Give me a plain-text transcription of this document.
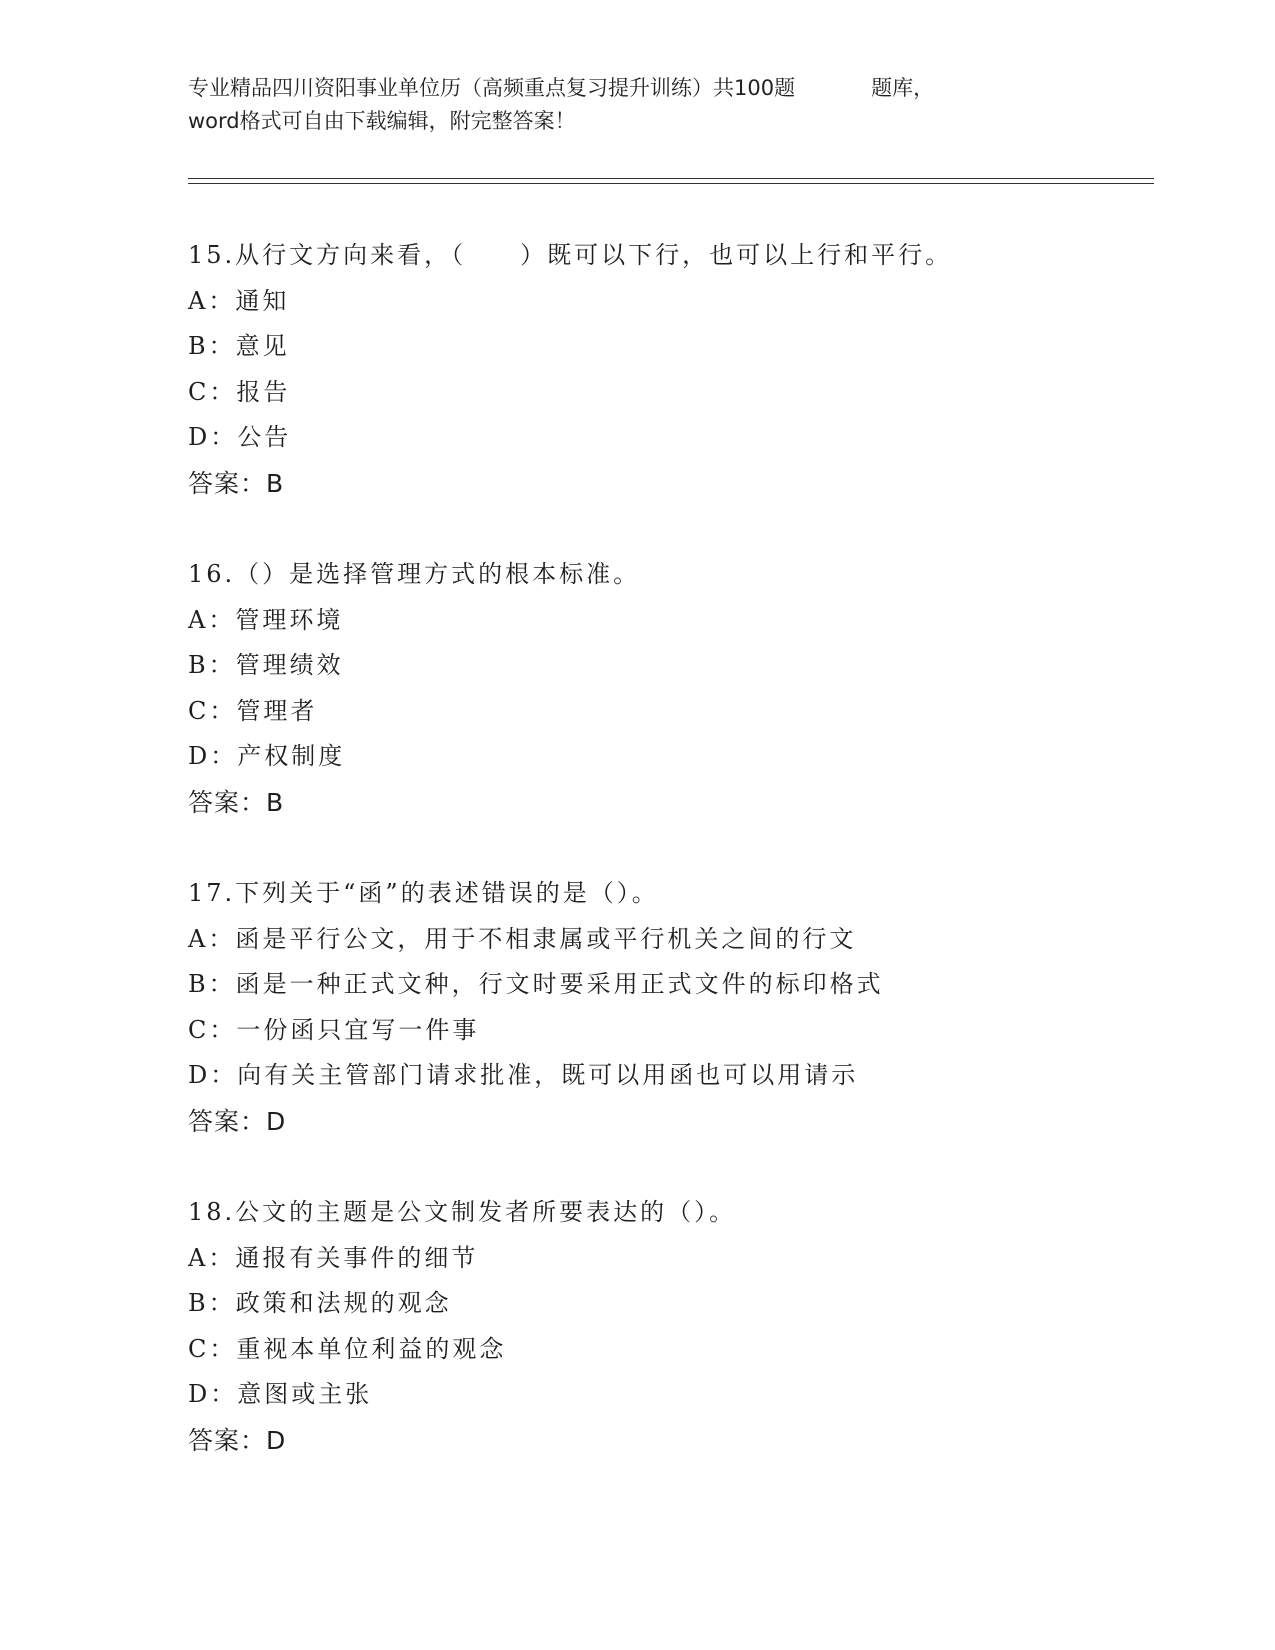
专业精品四川资阳事业单位历（高频重点复习提升训练）共100题	题库，
word格式可自由下载编辑，附完整答案！
15.从行文方向来看，（　　）既可以下行，也可以上行和平行。
A：通知
B：意见
C：报告
D：公告
答案：B
16.（）是选择管理方式的根本标准。
A：管理环境
B：管理绩效
C：管理者
D：产权制度
答案：B
17.下列关于“函”的表述错误的是（）。
A：函是平行公文，用于不相隶属或平行机关之间的行文
B：函是一种正式文种，行文时要采用正式文件的标印格式
C：一份函只宜写一件事
D：向有关主管部门请求批准，既可以用函也可以用请示
答案：D
18.公文的主题是公文制发者所要表达的（）。
A：通报有关事件的细节
B：政策和法规的观念
C：重视本单位利益的观念
D：意图或主张
答案：D
